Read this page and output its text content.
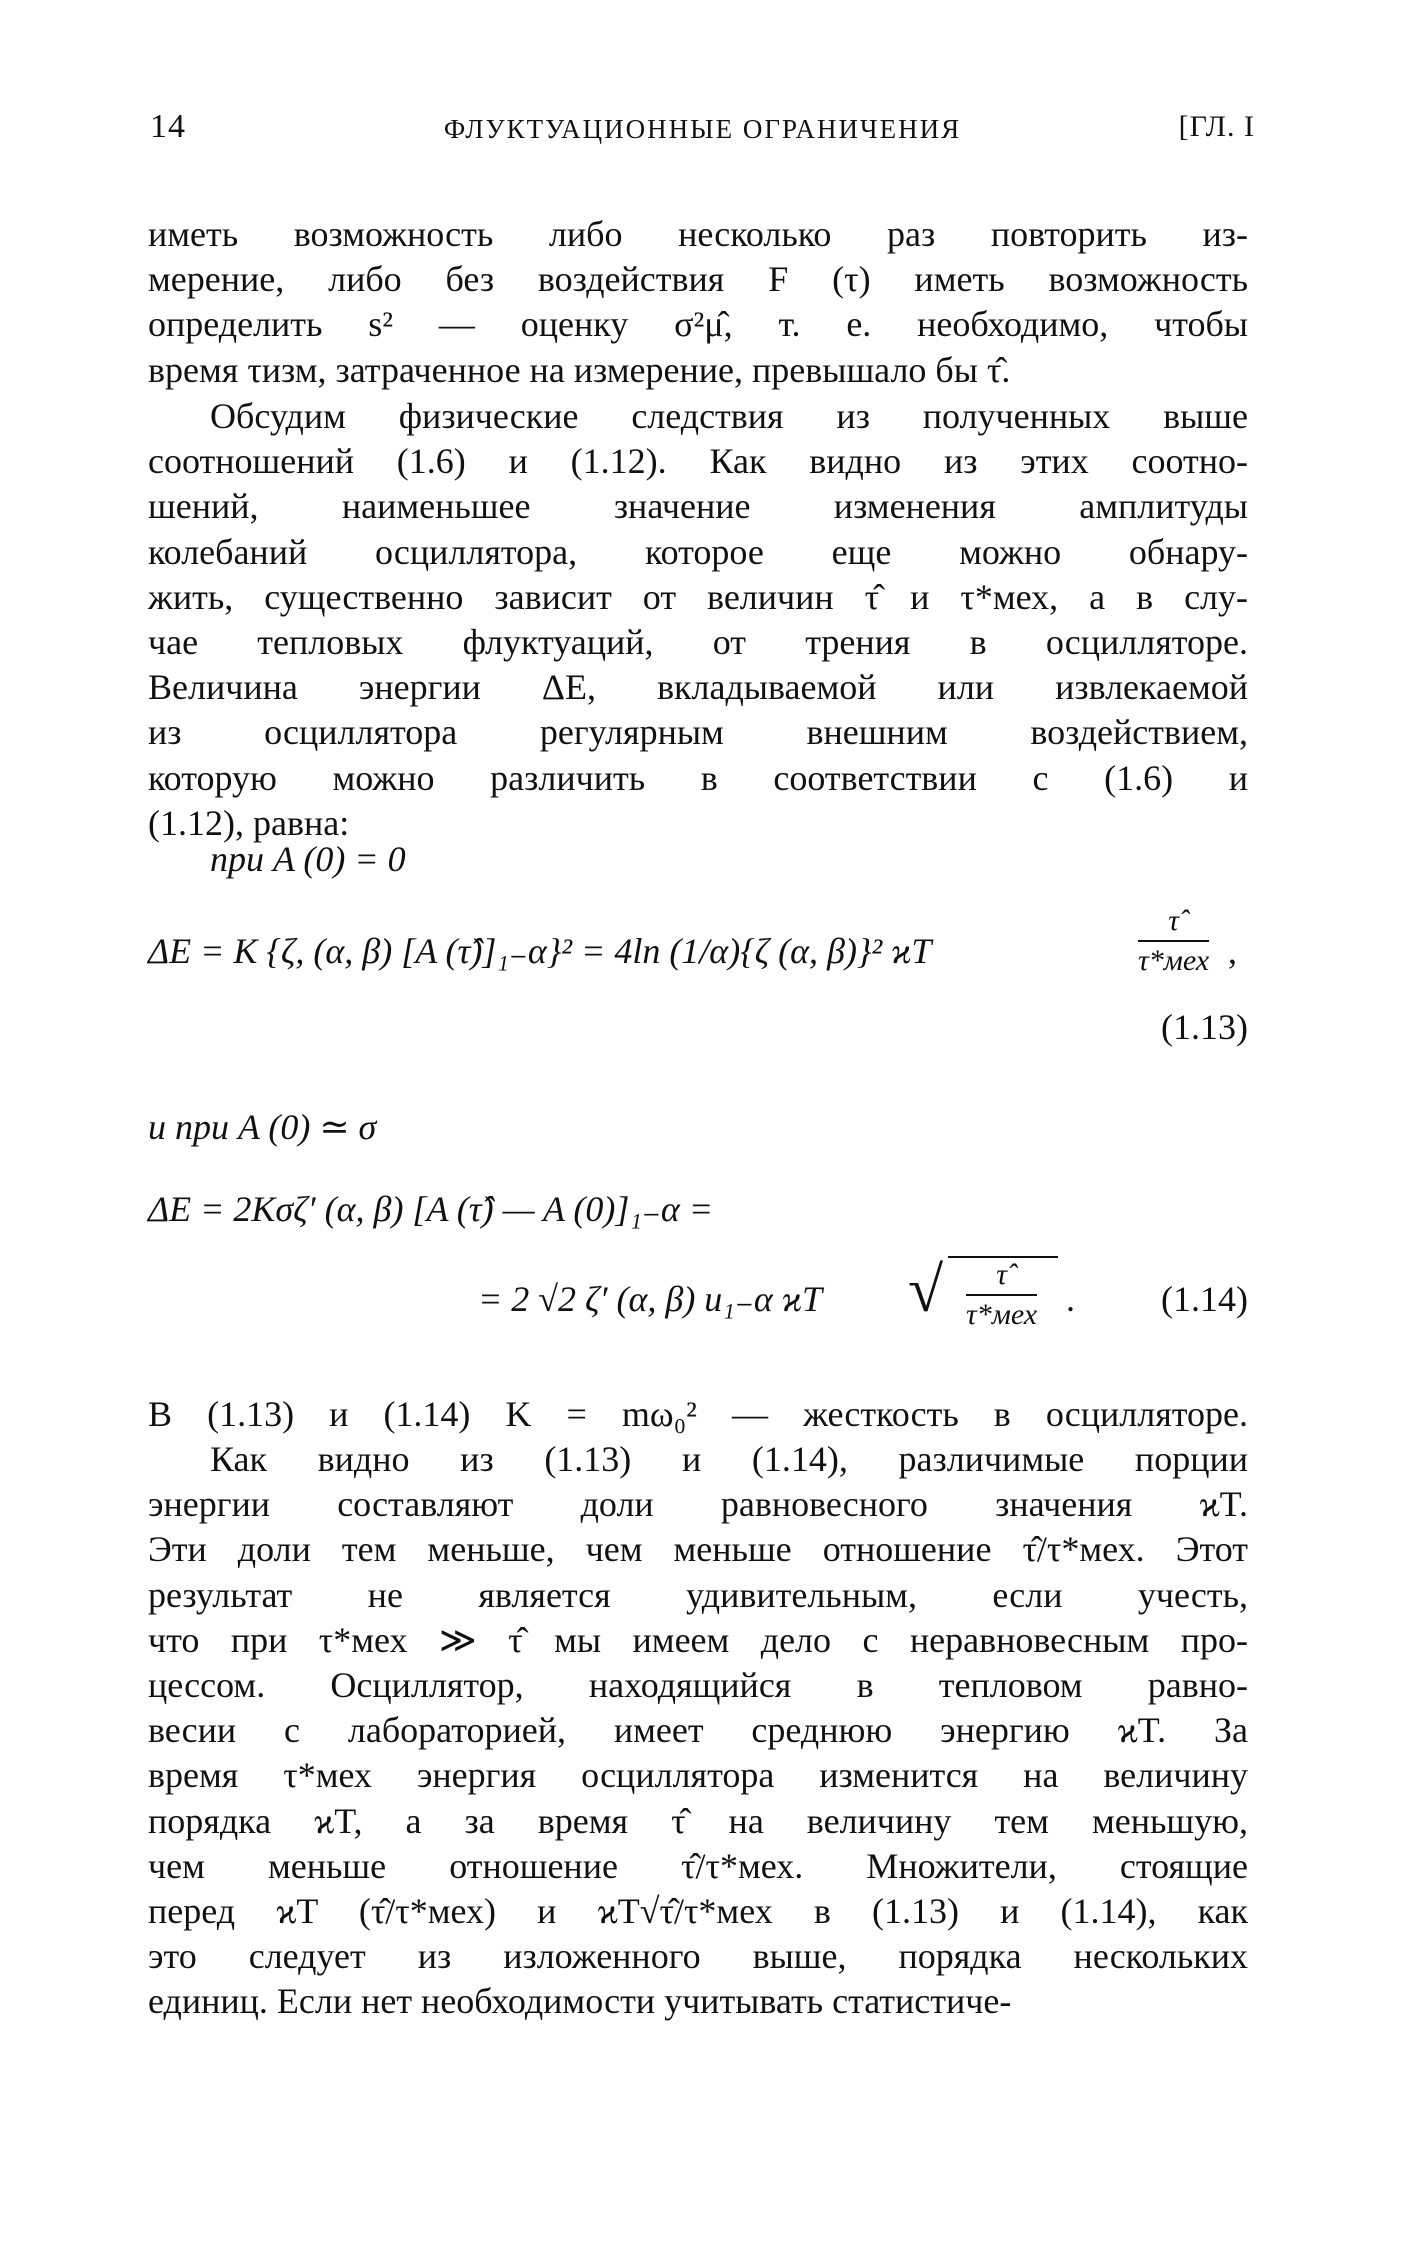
14	ФЛУКТУАЦИОННЫЕ ОГРАНИЧЕНИЯ	[ГЛ. I
иметь возможность либо несколько раз повторить из-
мерение, либо без воздействия F (τ) иметь возможность
определить s² — оценку σ²μ̂, т. е. необходимо, чтобы
время τизм, затраченное на измерение, превышало бы τ̂.
Обсудим физические следствия из полученных выше
соотношений (1.6) и (1.12). Как видно из этих соотно-
шений, наименьшее значение изменения амплитуды
колебаний осциллятора, которое еще можно обнару-
жить, существенно зависит от величин τ̂ и τ*мех, а в слу-
чае тепловых флуктуаций, от трения в осцилляторе.
Величина энергии ΔE, вкладываемой или извлекаемой
из осциллятора регулярным внешним воздействием,
которую можно различить в соответствии с (1.6) и
(1.12), равна:
при A (0) = 0
ΔE = K {ζ, (α, β) [A (τ̂)]₁₋α}² = 4ln (1/α){ζ (α, β)}² ϰT
τ̂
τ*мех ,
(1.13)
и при A (0) ≃ σ
ΔE = 2Kσζ′ (α, β) [A (τ̂) — A (0)]₁₋α =
= 2 √2 ζ′ (α, β) u₁₋α ϰT √	τ̂
τ*мех . (1.14)
В (1.13) и (1.14) K = mω₀² — жесткость в осцилляторе.
Как видно из (1.13) и (1.14), различимые порции
энергии составляют доли равновесного значения ϰT.
Эти доли тем меньше, чем меньше отношение τ̂/τ*мех. Этот
результат не является удивительным, если учесть,
что при τ*мех ≫ τ̂ мы имеем дело с неравновесным про-
цессом. Осциллятор, находящийся в тепловом равно-
весии с лабораторией, имеет среднюю энергию ϰT. За
время τ*мех энергия осциллятора изменится на величину
порядка ϰT, а за время τ̂ на величину тем меньшую,
чем меньше отношение τ̂/τ*мех. Множители, стоящие
перед ϰT (τ̂/τ*мех) и ϰT√τ̂/τ*мех в (1.13) и (1.14), как
это следует из изложенного выше, порядка нескольких
единиц. Если нет необходимости учитывать статистиче-
